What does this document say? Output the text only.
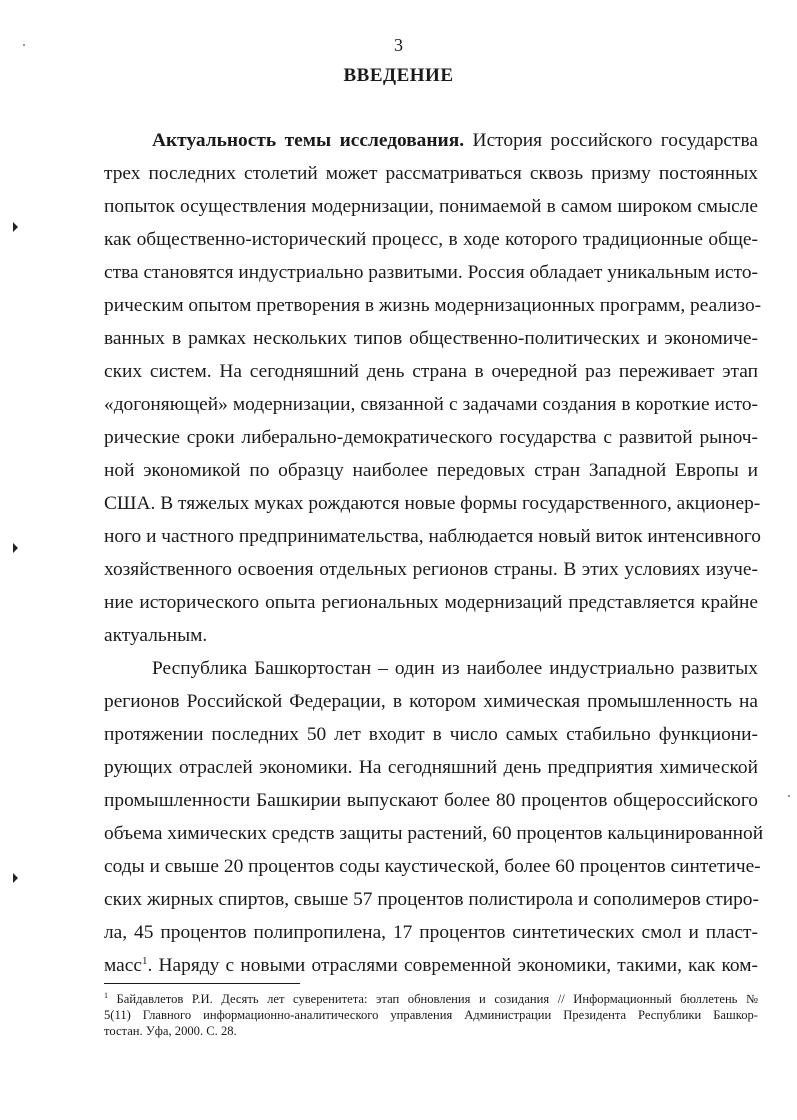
3
ВВЕДЕНИЕ
Актуальность темы исследования. История российского государства
трех последних столетий может рассматриваться сквозь призму постоянных
попыток осуществления модернизации, понимаемой в самом широком смысле
как общественно-исторический процесс, в ходе которого традиционные обще-
ства становятся индустриально развитыми. Россия обладает уникальным исто-
рическим опытом претворения в жизнь модернизационных программ, реализо-
ванных в рамках нескольких типов общественно-политических и экономиче-
ских систем. На сегодняшний день страна в очередной раз переживает этап
«догоняющей» модернизации, связанной с задачами создания в короткие исто-
рические сроки либерально-демократического государства с развитой рыноч-
ной экономикой по образцу наиболее передовых стран Западной Европы и
США. В тяжелых муках рождаются новые формы государственного, акционер-
ного и частного предпринимательства, наблюдается новый виток интенсивного
хозяйственного освоения отдельных регионов страны. В этих условиях изуче-
ние исторического опыта региональных модернизаций представляется крайне
актуальным.
Республика Башкортостан – один из наиболее индустриально развитых
регионов Российской Федерации, в котором химическая промышленность на
протяжении последних 50 лет входит в число самых стабильно функциони-
рующих отраслей экономики. На сегодняшний день предприятия химической
промышленности Башкирии выпускают более 80 процентов общероссийского
объема химических средств защиты растений, 60 процентов кальцинированной
соды и свыше 20 процентов соды каустической, более 60 процентов синтетиче-
ских жирных спиртов, свыше 57 процентов полистирола и сополимеров стиро-
ла, 45 процентов полипропилена, 17 процентов синтетических смол и пласт-
масс$^1$. Наряду с новыми отраслями современной экономики, такими, как ком-
$^1$ Байдавлетов Р.И. Десять лет суверенитета: этап обновления и созидания // Информационный бюллетень №
5(11) Главного информационно-аналитического управления Администрации Президента Республики Башкор-
тостан. Уфа, 2000. С. 28.
